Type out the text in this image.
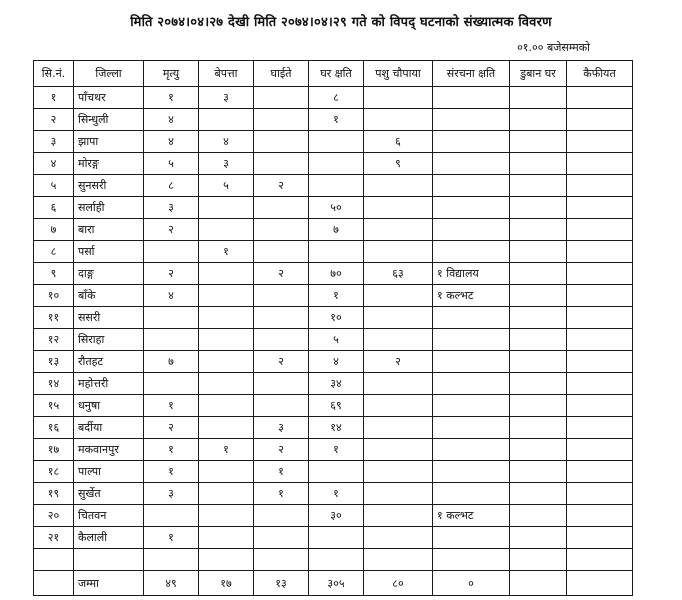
मिति २०७४।०४।२७ देखी मिति २०७४।०४।२९ गते को विपद् घटनाको संख्यात्मक विवरण
०१.०० बजेसम्मको
सि.नं.	जिल्ला	मृत्यु	बेपत्ता	घाईते	घर क्षति	पशु चौपाया	संरचना क्षति	डुबान घर	कैफीयत
१	पाँचथर	१	३		८				
२	सिन्धुली	४			१				
३	झापा	४	४			६			
४	मोरङ्ग	५	३			९			
५	सुनसरी	८	५	२					
६	सर्लाही	३			५०				
७	बारा	२			७				
८	पर्सा		१						
९	दाङ्ग	२		२	७०	६३	१ विद्यालय		
१०	बाँके	४			१		१ कल्भट		
११	ससरी				१०				
१२	सिराहा				५				
१३	रौतहट	७		२	४	२			
१४	महोत्तरी				३४				
१५	धनुषा	१			६९				
१६	बर्दीया	२		३	१४				
१७	मकवानपुर	१	१	२	१				
१८	पाल्पा	१		१					
१९	सुर्खेत	३		१	१				
२०	चितवन				३०		१ कल्भट		
२१	कैलाली	१							

	जम्मा	४९	१७	१३	३०५	८०	०		
